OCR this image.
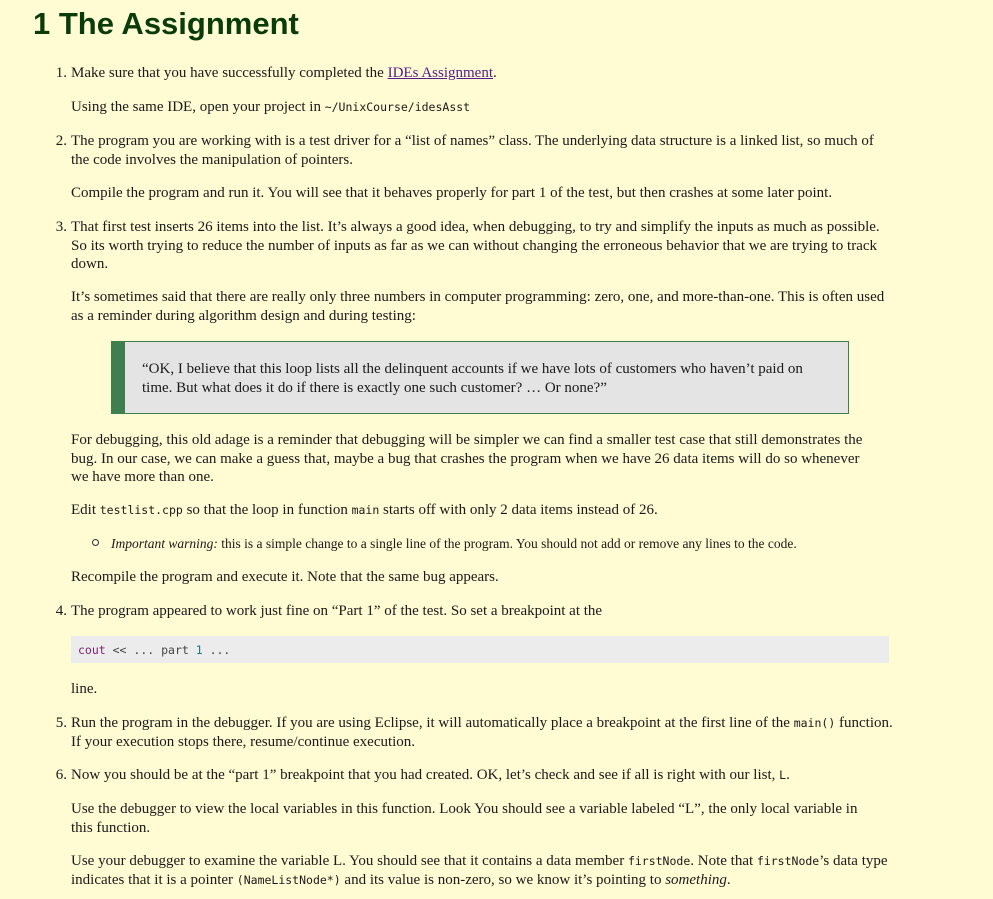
1 The Assignment
1. Make sure that you have successfully completed the IDEs Assignment.

Using the same IDE, open your project in ~/UnixCourse/idesAsst

2. The program you are working with is a test driver for a “list of names” class. The underlying data structure is a linked list, so much of the code involves the manipulation of pointers.

Compile the program and run it. You will see that it behaves properly for part 1 of the test, but then crashes at some later point.

3. That first test inserts 26 items into the list. It’s always a good idea, when debugging, to try and simplify the inputs as much as possible. So its worth trying to reduce the number of inputs as far as we can without changing the erroneous behavior that we are trying to track down.

It’s sometimes said that there are really only three numbers in computer programming: zero, one, and more-than-one. This is often used as a reminder during algorithm design and during testing:

“OK, I believe that this loop lists all the delinquent accounts if we have lots of customers who haven’t paid on time. But what does it do if there is exactly one such customer? … Or none?”

For debugging, this old adage is a reminder that debugging will be simpler we can find a smaller test case that still demonstrates the bug. In our case, we can make a guess that, maybe a bug that crashes the program when we have 26 data items will do so whenever we have more than one.

Edit testlist.cpp so that the loop in function main starts off with only 2 data items instead of 26.

Important warning: this is a simple change to a single line of the program. You should not add or remove any lines to the code.

Recompile the program and execute it. Note that the same bug appears.

4. The program appeared to work just fine on “Part 1” of the test. So set a breakpoint at the

cout << ... part 1 ...

line.

5. Run the program in the debugger. If you are using Eclipse, it will automatically place a breakpoint at the first line of the main() function. If your execution stops there, resume/continue execution.

6. Now you should be at the “part 1” breakpoint that you had created. OK, let’s check and see if all is right with our list, L.

Use the debugger to view the local variables in this function. Look You should see a variable labeled “L”, the only local variable in this function.

Use your debugger to examine the variable L. You should see that it contains a data member firstNode. Note that firstNode’s data type indicates that it is a pointer (NameListNode*) and its value is non-zero, so we know it’s pointing to something.
